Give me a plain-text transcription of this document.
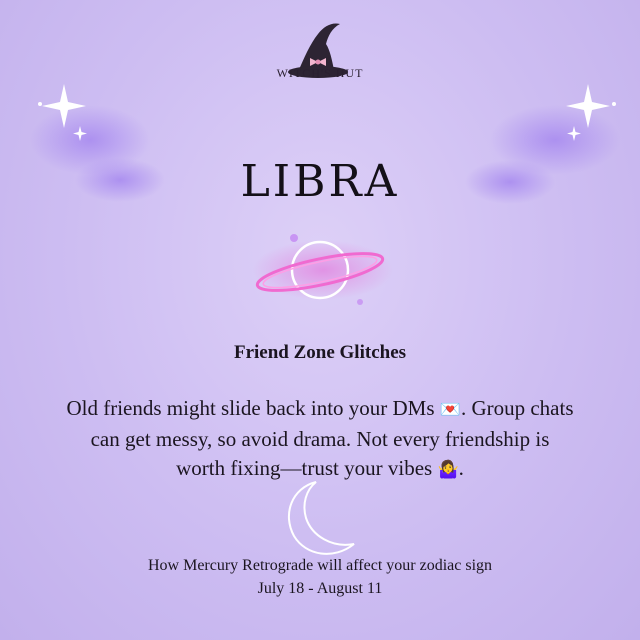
WITCH'S HUT
LIBRA
Friend Zone Glitches
Old friends might slide back into your DMs 💌. Group chats
can get messy, so avoid drama. Not every friendship is
worth fixing—trust your vibes 🤷‍♀️.
How Mercury Retrograde will affect your zodiac sign
July 18 - August 11
